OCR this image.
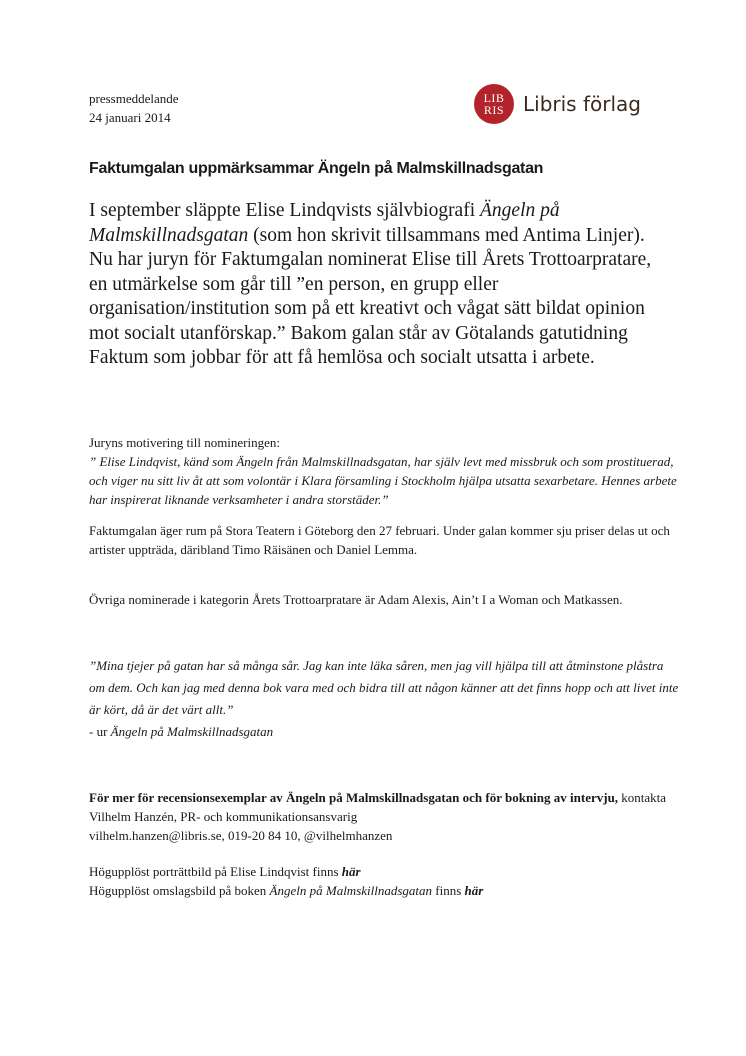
pressmeddelande
24 januari 2014
LIB
RIS Libris förlag
Faktumgalan uppmärksammar Ängeln på Malmskillnadsgatan
I september släppte Elise Lindqvists självbiografi Ängeln på Malmskillnadsgatan (som hon skrivit tillsammans med Antima Linjer). Nu har juryn för Faktumgalan nominerat Elise till Årets Trottoarpratare, en utmärkelse som går till ”en person, en grupp eller organisation/institution som på ett kreativt och vågat sätt bildat opinion mot socialt utanförskap.” Bakom galan står av Götalands gatutidning Faktum som jobbar för att få hemlösa och socialt utsatta i arbete.

Juryns motivering till nomineringen:

” Elise Lindqvist, känd som Ängeln från Malmskillnadsgatan, har själv levt med missbruk och som prostituerad, och viger nu sitt liv åt att som volontär i Klara församling i Stockholm hjälpa utsatta sexarbetare. Hennes arbete har inspirerat liknande verksamheter i andra storstäder.”

Faktumgalan äger rum på Stora Teatern i Göteborg den 27 februari. Under galan kommer sju priser delas ut och artister uppträda, däribland Timo Räisänen och Daniel Lemma.
Övriga nominerade i kategorin Årets Trottoarpratare är Adam Alexis, Ain’t I a Woman och Matkassen.

”Mina tjejer på gatan har så många sår. Jag kan inte läka såren, men jag vill hjälpa till att åtminstone plåstra om dem. Och kan jag med denna bok vara med och bidra till att någon känner att det finns hopp och att livet inte är kört, då är det värt allt.”

- ur Ängeln på Malmskillnadsgatan

För mer för recensionsexemplar av Ängeln på Malmskillnadsgatan och för bokning av intervju, kontakta Vilhelm Hanzén, PR- och kommunikationsansvarig

vilhelm.hanzen@libris.se, 019-20 84 10, @vilhelmhanzen

Högupplöst porträttbild på Elise Lindqvist finns här

Högupplöst omslagsbild på boken Ängeln på Malmskillnadsgatan finns här
